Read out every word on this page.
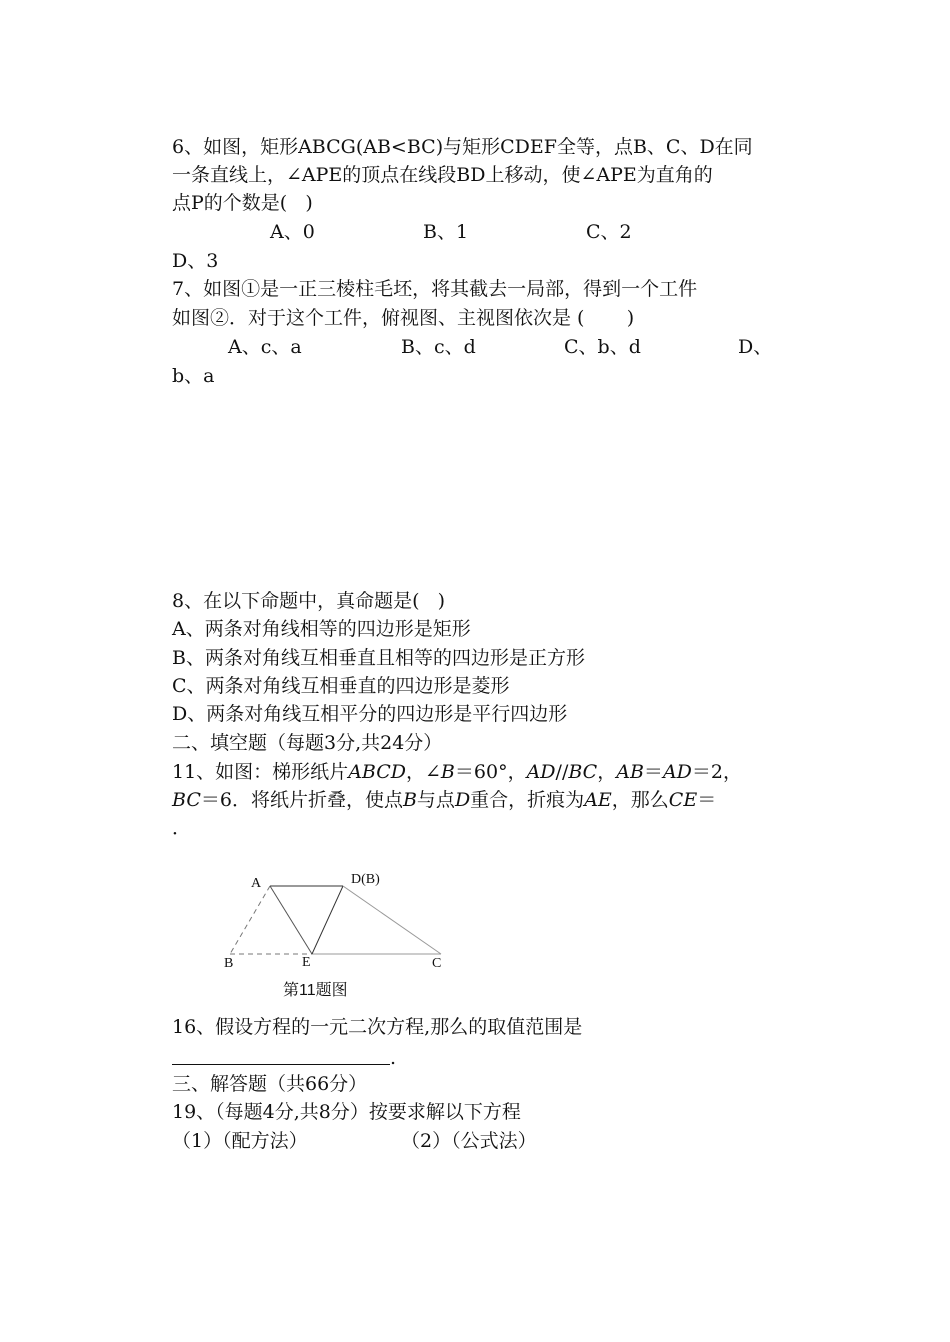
6、如图，矩形ABCG(AB<BC)与矩形CDEF全等，点B、C、D在同
一条直线上，∠APE的顶点在线段BD上移动，使∠APE为直角的
点P的个数是(   )
A、0	B、1	C、2
D、3
7、如图①是一正三棱柱毛坯，将其截去一局部，得到一个工件
如图②．对于这个工件，俯视图、主视图依次是 (       )
A、c、a	B、c、d	C、b、d	D、
b、a
8、在以下命题中，真命题是(   )
A、两条对角线相等的四边形是矩形
B、两条对角线互相垂直且相等的四边形是正方形
C、两条对角线互相垂直的四边形是菱形
D、两条对角线互相平分的四边形是平行四边形
二、填空题（每题3分,共24分）
11、如图：梯形纸片ABCD，∠B＝60°，AD//BC，AB＝AD＝2，
BC＝6．将纸片折叠，使点B与点D重合，折痕为AE，那么CE＝
．
A	D(B)
B	E	C
第11题图
16、假设方程的一元二次方程,那么的取值范围是
.
三、解答题（共66分）
19、（每题4分,共8分）按要求解以下方程
（1）（配方法）	（2）（公式法）
